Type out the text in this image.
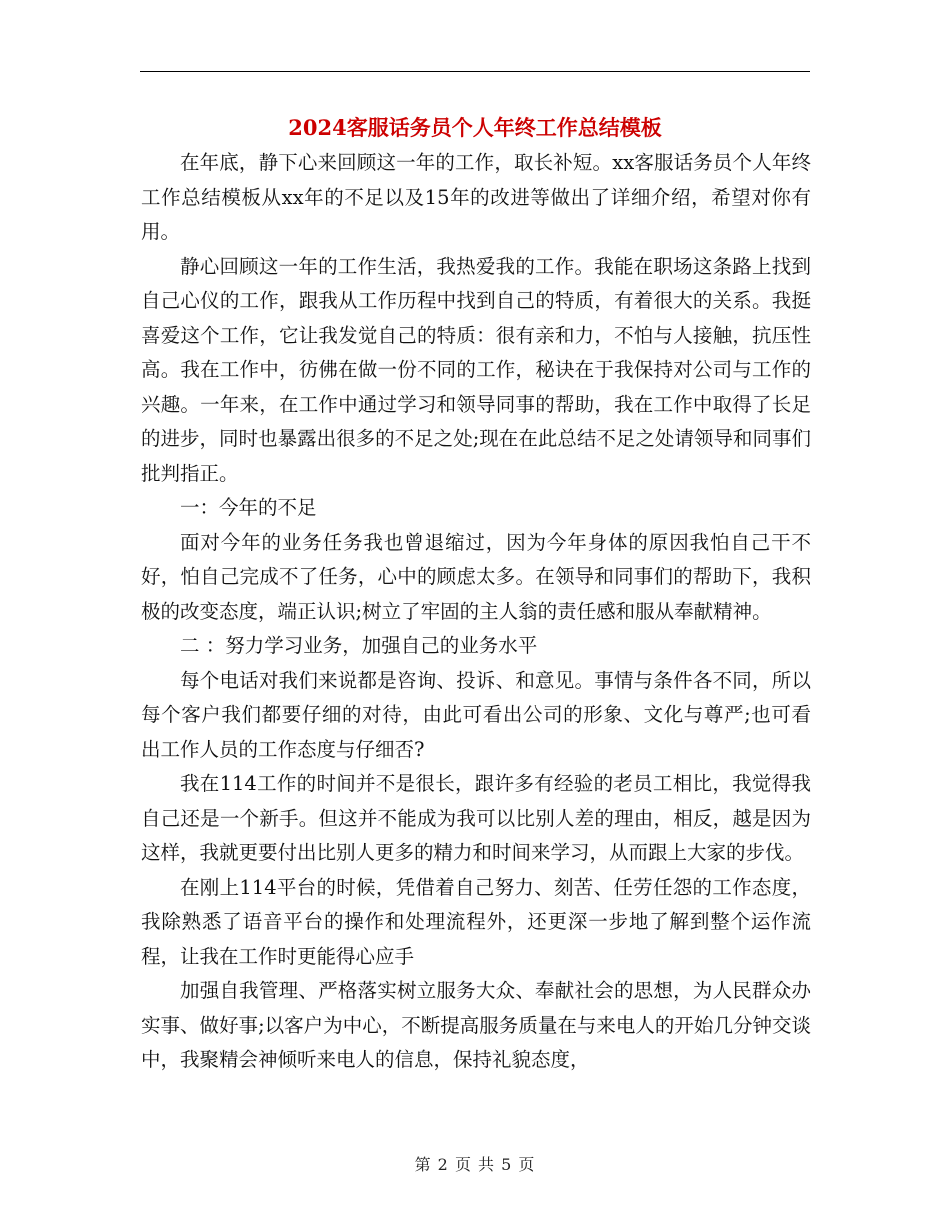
2024客服话务员个人年终工作总结模板

在年底，静下心来回顾这一年的工作，取长补短。xx客服话务员个人年终工作总结模板从xx年的不足以及15年的改进等做出了详细介绍，希望对你有用。

静心回顾这一年的工作生活，我热爱我的工作。我能在职场这条路上找到自己心仪的工作，跟我从工作历程中找到自己的特质，有着很大的关系。我挺喜爱这个工作，它让我发觉自己的特质：很有亲和力，不怕与人接触，抗压性高。我在工作中，彷佛在做一份不同的工作，秘诀在于我保持对公司与工作的兴趣。一年来，在工作中通过学习和领导同事的帮助，我在工作中取得了长足的进步，同时也暴露出很多的不足之处;现在在此总结不足之处请领导和同事们批判指正。

一：今年的不足

面对今年的业务任务我也曾退缩过，因为今年身体的原因我怕自己干不好，怕自己完成不了任务，心中的顾虑太多。在领导和同事们的帮助下，我积极的改变态度，端正认识;树立了牢固的主人翁的责任感和服从奉献精神。

二 ：努力学习业务，加强自己的业务水平

每个电话对我们来说都是咨询、投诉、和意见。事情与条件各不同，所以每个客户我们都要仔细的对待，由此可看出公司的形象、文化与尊严;也可看 出工作人员的工作态度与仔细否?

我在114工作的时间并不是很长，跟许多有经验的老员工相比，我觉得我自己还是一个新手。但这并不能成为我可以比别人差的理由，相反，越是因为这样，我就更要付出比别人更多的精力和时间来学习，从而跟上大家的步伐。

在刚上114平台的时候，凭借着自己努力、刻苦、任劳任怨的工作态度，我除熟悉了语音平台的操作和处理流程外，还更深一步地了解到整个运作流程，让我在工作时更能得心应手

加强自我管理、严格落实树立服务大众、奉献社会的思想，为人民群众办实事、做好事;以客户为中心，不断提高服务质量在与来电人的开始几分钟交谈中，我聚精会神倾听来电人的信息，保持礼貌态度，

第 2 页 共 5 页
